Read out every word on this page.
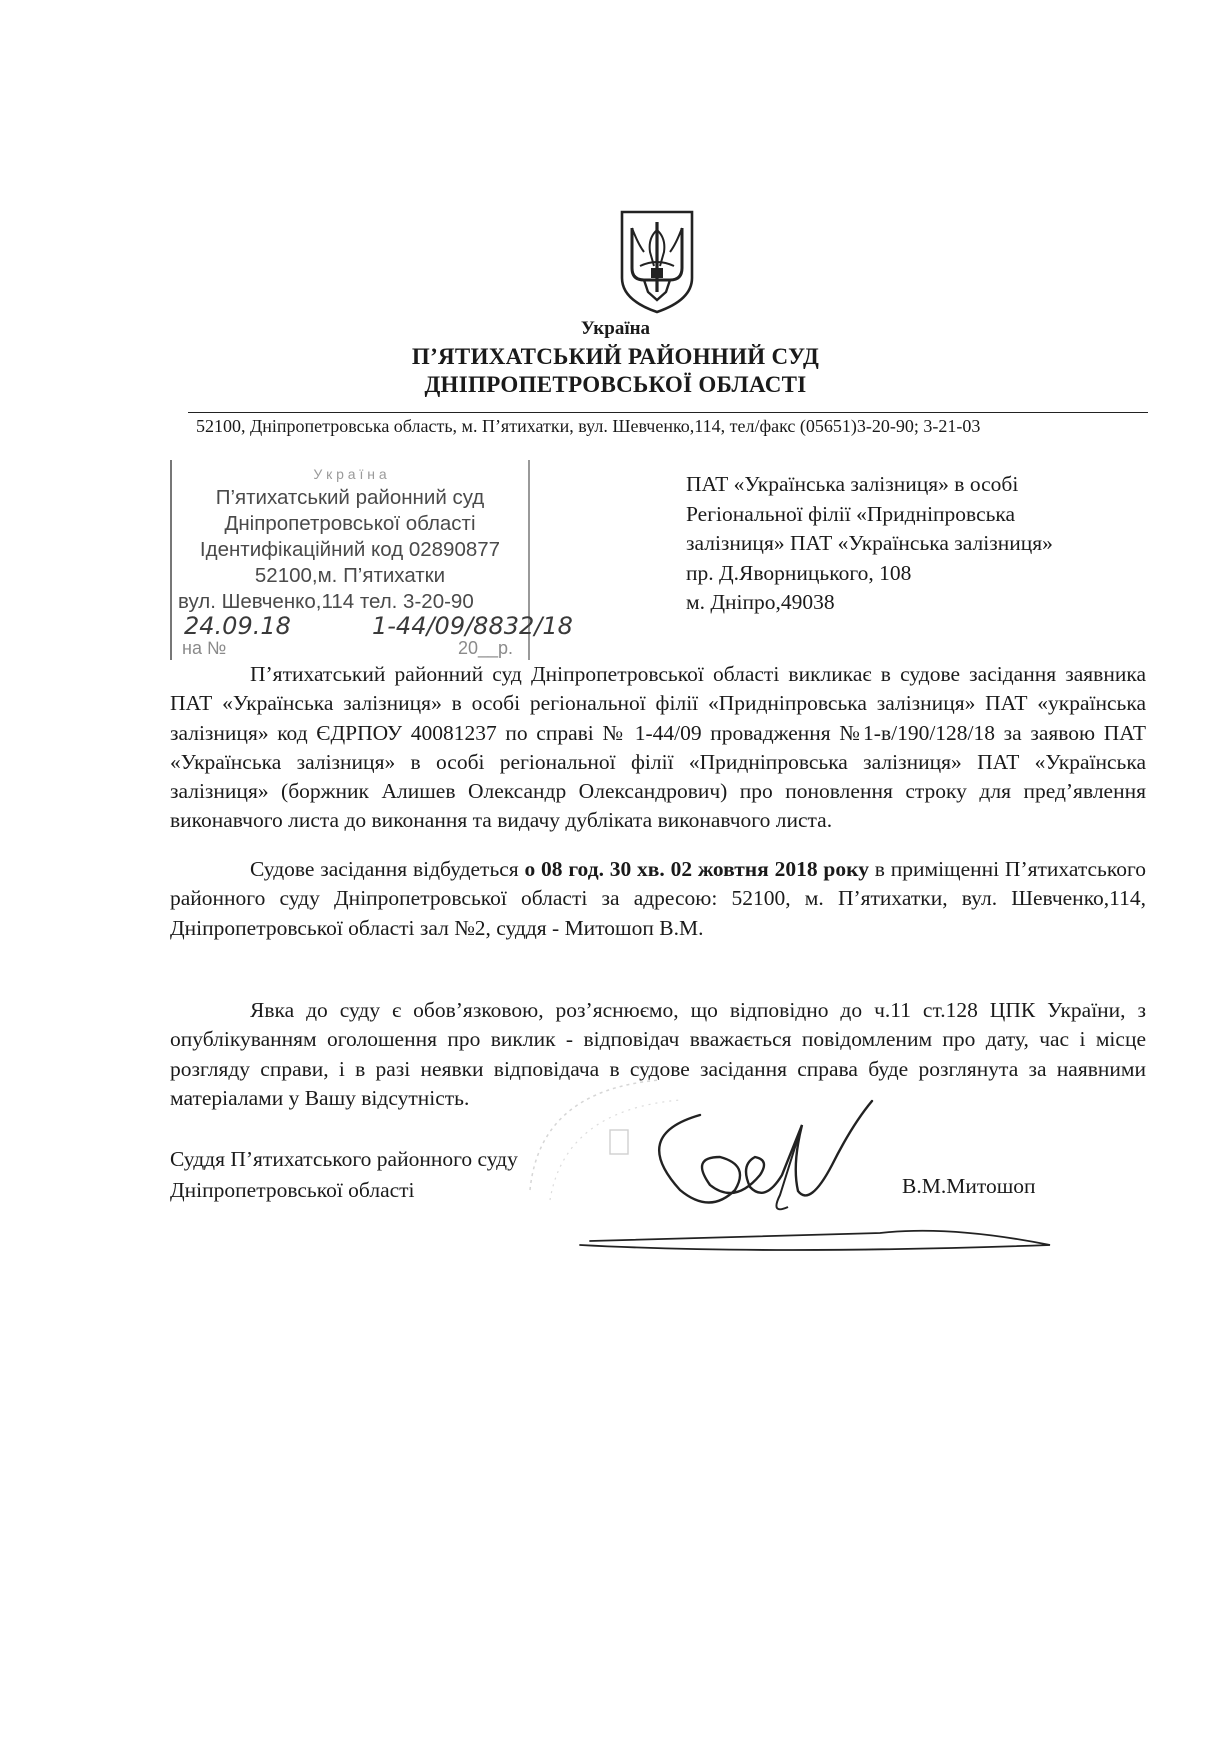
Україна
П’ЯТИХАТСЬКИЙ РАЙОННИЙ СУД
ДНІПРОПЕТРОВСЬКОЇ ОБЛАСТІ
52100, Дніпропетровська область, м. П’ятихатки, вул. Шевченко,114, тел/факс (05651)3-20-90; 3-21-03
У к р а ї н а
П’ятихатський районний суд
Дніпропетровської області
Ідентифікаційний код 02890877
52100,м. П’ятихатки
вул. Шевченко,114 тел. 3-20-90
24.09.18	1-44/09/8832/18
на №	20__р.
ПАТ «Українська залізниця» в особі
Регіональної філії «Придніпровська
залізниця» ПАТ «Українська залізниця»
пр. Д.Яворницького, 108
м. Дніпро,49038
П’ятихатський районний суд Дніпропетровської області викликає в судове засідання заявника ПАТ «Українська залізниця» в особі регіональної філії «Придніпровська залізниця» ПАТ «українська залізниця» код ЄДРПОУ 40081237 по справі № 1-44/09 провадження №1-в/190/128/18 за заявою ПАТ «Українська залізниця» в особі регіональної філії «Придніпровська залізниця» ПАТ «Українська залізниця» (боржник Алишев Олександр Олександрович) про поновлення строку для пред’явлення виконавчого листа до виконання та видачу дубліката виконавчого листа.
Судове засідання відбудеться о 08 год. 30 хв. 02 жовтня 2018 року в приміщенні П’ятихатського районного суду Дніпропетровської області за адресою: 52100, м. П’ятихатки, вул. Шевченко,114, Дніпропетровської області зал №2, суддя - Митошоп В.М.
Явка до суду є обов’язковою, роз’яснюємо, що відповідно до ч.11 ст.128 ЦПК України, з опублікуванням оголошення про виклик - відповідач вважається повідомленим про дату, час і місце розгляду справи, і в разі неявки відповідача в судове засідання справа буде розглянута за наявними матеріалами у Вашу відсутність.
Суддя П’ятихатського районного суду
Дніпропетровської області	В.М.Митошоп
